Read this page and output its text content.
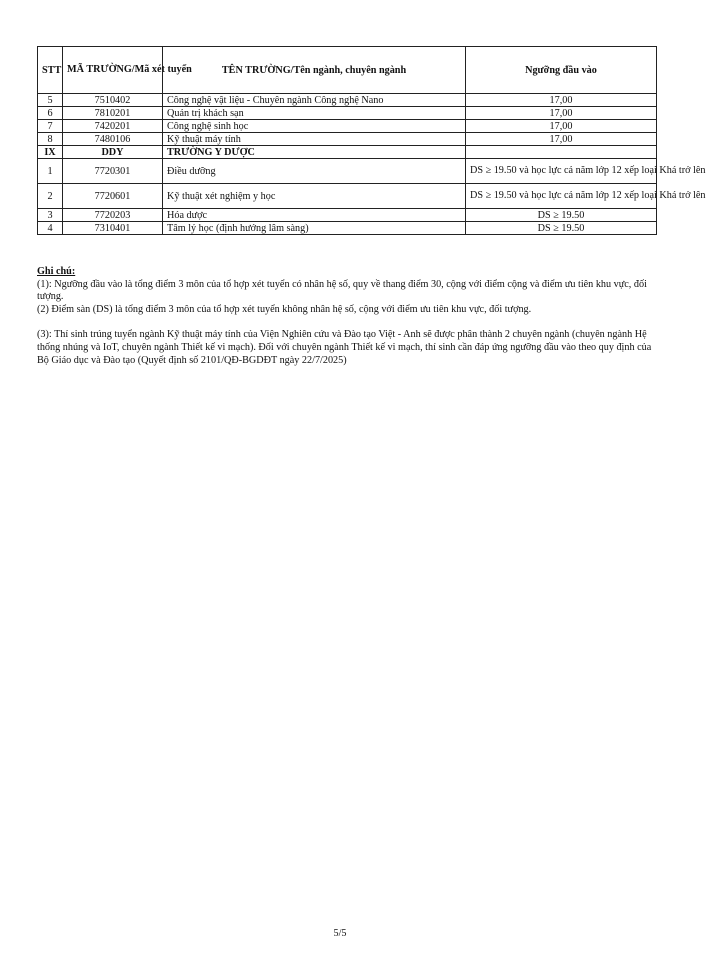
STT	MÃ TRƯỜNG/Mã xét tuyển	TÊN TRƯỜNG/Tên ngành, chuyên ngành	Ngưỡng đầu vào
5	7510402	Công nghệ vật liệu - Chuyên ngành Công nghệ Nano	17,00
6	7810201	Quản trị khách sạn	17,00
7	7420201	Công nghệ sinh học	17,00
8	7480106	Kỹ thuật máy tính	17,00
IX	DDY	TRƯỜNG Y DƯỢC	
1	7720301	Điều dưỡng	DS ≥ 19.50 và học lực cả năm lớp 12 xếp loại Khá trở lên
2	7720601	Kỹ thuật xét nghiệm y học	DS ≥ 19.50 và học lực cả năm lớp 12 xếp loại Khá trở lên
3	7720203	Hóa dược	DS ≥ 19.50
4	7310401	Tâm lý học (định hướng lâm sàng)	DS ≥ 19.50

Ghi chú:

(1): Ngưỡng đầu vào là tổng điểm 3 môn của tổ hợp xét tuyển có nhân hệ số, quy về thang điểm 30, cộng với điểm cộng và điểm ưu tiên khu vực, đối tượng.

(2) Điểm sàn (DS) là tổng điểm 3 môn của tổ hợp xét tuyển không nhân hệ số, cộng với điểm ưu tiên khu vực, đối tượng.

(3): Thí sinh trúng tuyển ngành Kỹ thuật máy tính của Viện Nghiên cứu và Đào tạo Việt - Anh sẽ được phân thành 2 chuyên ngành (chuyên ngành Hệ thống nhúng và IoT, chuyên ngành Thiết kế vi mạch). Đối với chuyên ngành Thiết kế vi mạch, thí sinh cần đáp ứng ngưỡng đầu vào theo quy định của Bộ Giáo dục và Đào tạo (Quyết định số 2101/QĐ-BGDĐT ngày 22/7/2025)

5/5
